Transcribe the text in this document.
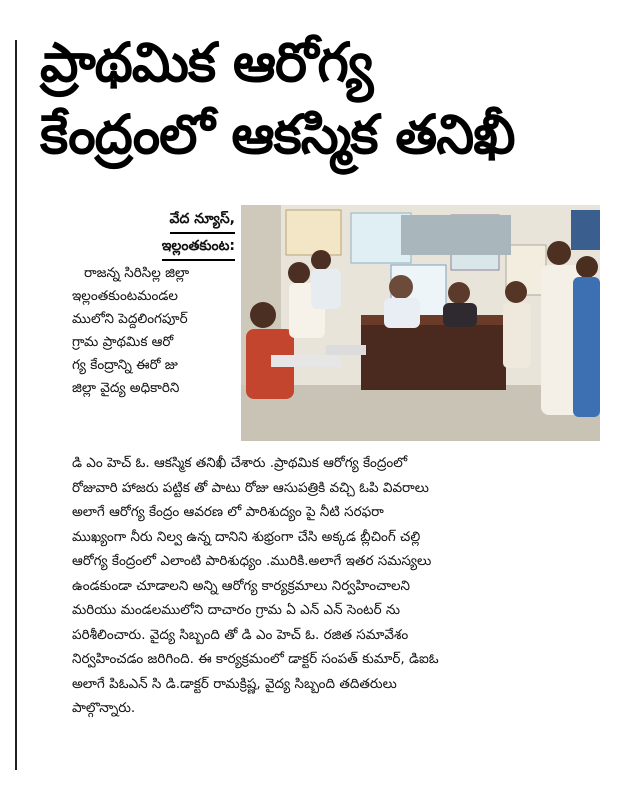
ప్రాథమిక ఆరోగ్య
కేంద్రంలో ఆకస్మిక తనిఖీ
వేద న్యూస్,
ఇల్లంతకుంట:
రాజన్న సిరిసిల్ల జిల్లా
ఇల్లంతకుంటమండల
ములోని పెద్దలింగపూర్
గ్రామ ప్రాథమిక ఆరో
గ్య కేంద్రాన్ని ఈరో జు
జిల్లా వైద్య అధికారిని
డి ఎం హెచ్ ఓ. ఆకస్మిక తనిఖీ చేశారు .ప్రాథమిక ఆరోగ్య కేంద్రంలో
రోజువారి హాజరు పట్టిక తో పాటు రోజు ఆసుపత్రికి వచ్చి ఓపి వివరాలు
అలాగే ఆరోగ్య కేంద్రం ఆవరణ లో పారిశుద్యం పై నీటి సరఫరా
ముఖ్యంగా నీరు నిల్వ ఉన్న దానిని శుభ్రంగా చేసి అక్కడ బ్లీచింగ్ చల్లి
ఆరోగ్య కేంద్రంలో ఎలాంటి పారిశుధ్యం .మురికి.అలాగే ఇతర సమస్యలు
ఉండకుండా చూడాలని అన్ని ఆరోగ్య కార్యక్రమాలు నిర్వహించాలని
మరియు మండలములోని దాచారం గ్రామ ఏ ఎన్ ఎన్ సెంటర్ ను
పరిశీలించారు. వైద్య సిబ్బంది తో డి ఎం హెచ్ ఓ. రజిత సమావేశం
నిర్వహించడం జరిగింది. ఈ కార్యక్రమంలో డాక్టర్ సంపత్ కుమార్, డిఐఓ
అలాగే పిఓఎన్ సి డి.డాక్టర్ రామక్రిష్ణ, వైద్య సిబ్బంది తదితరులు
పాల్గొన్నారు.
